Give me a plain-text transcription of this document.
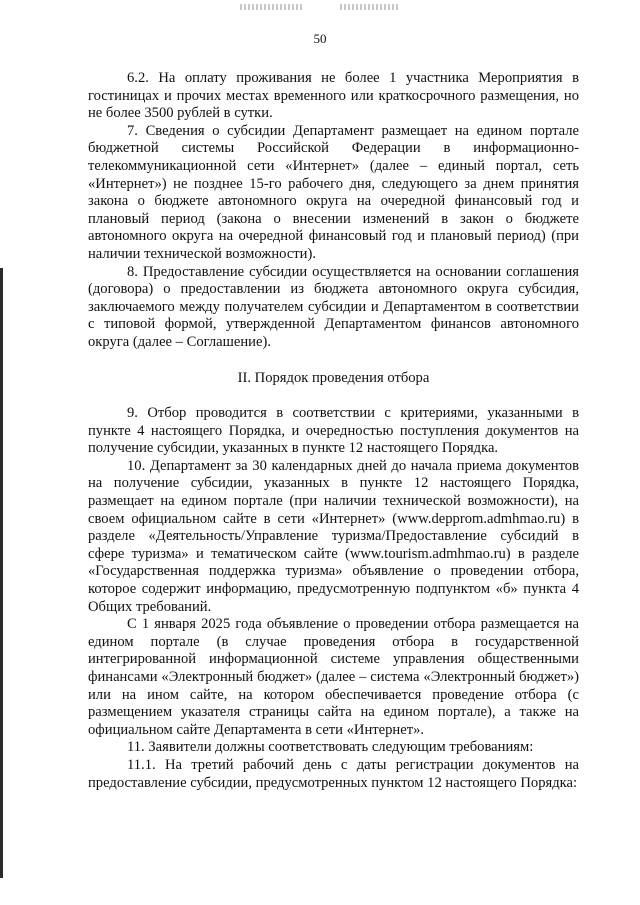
50

6.2. На оплату проживания не более 1 участника Мероприятия в гостиницах и прочих местах временного или краткосрочного размещения, но не более 3500 рублей в сутки.

7. Сведения о субсидии Департамент размещает на едином портале бюджетной системы Российской Федерации в информационно-телекоммуникационной сети «Интернет» (далее – единый портал, сеть «Интернет») не позднее 15-го рабочего дня, следующего за днем принятия закона о бюджете автономного округа на очередной финансовый год и плановый период (закона о внесении изменений в закон о бюджете автономного округа на очередной финансовый год и плановый период) (при наличии технической возможности).

8. Предоставление субсидии осуществляется на основании соглашения (договора) о предоставлении из бюджета автономного округа субсидия, заключаемого между получателем субсидии и Департаментом в соответствии с типовой формой, утвержденной Департаментом финансов автономного округа (далее – Соглашение).

II. Порядок проведения отбора

9. Отбор проводится в соответствии с критериями, указанными в пункте 4 настоящего Порядка, и очередностью поступления документов на получение субсидии, указанных в пункте 12 настоящего Порядка.

10. Департамент за 30 календарных дней до начала приема документов на получение субсидии, указанных в пункте 12 настоящего Порядка, размещает на едином портале (при наличии технической возможности), на своем официальном сайте в сети «Интернет» (www.depprom.admhmao.ru) в разделе «Деятельность/Управление туризма/Предоставление субсидий в сфере туризма» и тематическом сайте (www.tourism.admhmao.ru) в разделе «Государственная поддержка туризма» объявление о проведении отбора, которое содержит информацию, предусмотренную подпунктом «б» пункта 4 Общих требований.

С 1 января 2025 года объявление о проведении отбора размещается на едином портале (в случае проведения отбора в государственной интегрированной информационной системе управления общественными финансами «Электронный бюджет» (далее – система «Электронный бюджет») или на ином сайте, на котором обеспечивается проведение отбора (с размещением указателя страницы сайта на едином портале), а также на официальном сайте Департамента в сети «Интернет».

11. Заявители должны соответствовать следующим требованиям:

11.1. На третий рабочий день с даты регистрации документов на предоставление субсидии, предусмотренных пунктом 12 настоящего Порядка:
